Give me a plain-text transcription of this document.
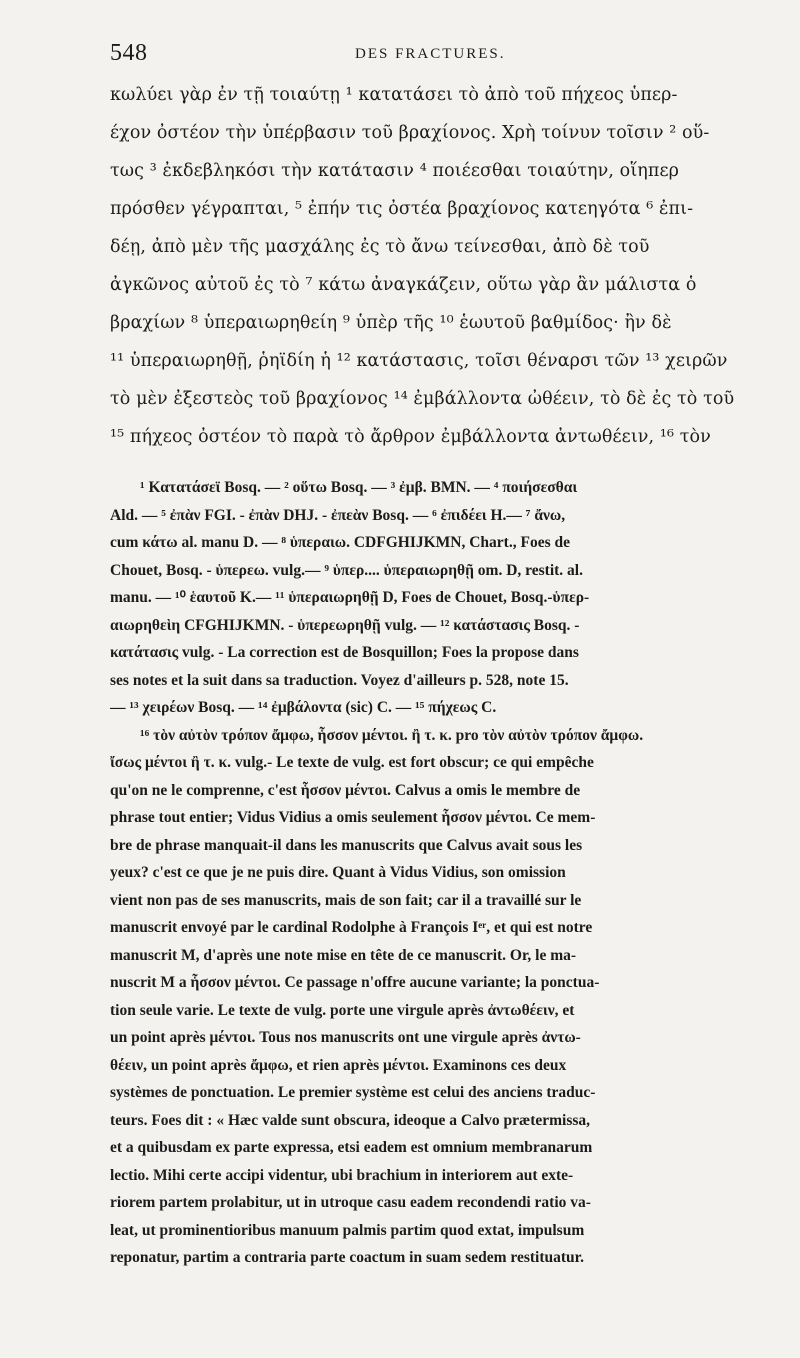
548	DES FRACTURES.
κωλύει γὰρ ἐν τῇ τοιαύτῃ ¹ κατατάσει τὸ ἀπὸ τοῦ πήχεος ὑπερ-
έχον ὀστέον τὴν ὑπέρβασιν τοῦ βραχίονος. Χρὴ τοίνυν τοῖσιν ² οὕ-
τως ³ ἐκδεβληκόσι τὴν κατάτασιν ⁴ ποιέεσθαι τοιαύτην, οἵηπερ
πρόσθεν γέγραπται, ⁵ ἐπήν τις ὀστέα βραχίονος κατεηγότα ⁶ ἐπι-
δέῃ, ἀπὸ μὲν τῆς μασχάλης ἐς τὸ ἄνω τείνεσθαι, ἀπὸ δὲ τοῦ
ἀγκῶνος αὐτοῦ ἐς τὸ ⁷ κάτω ἀναγκάζειν, οὕτω γὰρ ἂν μάλιστα ὁ
βραχίων ⁸ ὑπεραιωρηθείη ⁹ ὑπὲρ τῆς ¹⁰ ἑωυτοῦ βαθμίδος· ἢν δὲ
¹¹ ὑπεραιωρηθῇ, ῥηϊδίη ἡ ¹² κατάστασις, τοῖσι θέναρσι τῶν ¹³ χειρῶν
τὸ μὲν ἐξεστεὸς τοῦ βραχίονος ¹⁴ ἐμβάλλοντα ὠθέειν, τὸ δὲ ἐς τὸ τοῦ
¹⁵ πήχεος ὀστέον τὸ παρὰ τὸ ἄρθρον ἐμβάλλοντα ἀντωθέειν, ¹⁶ τὸν
¹ Κατατάσεϊ Bosq. — ² οὕτω Bosq. — ³ ἐμβ. BMN. — ⁴ ποιήσεσθαι
Ald. — ⁵ ἐπὰν FGI. - ἐπὰν DHJ. - ἐπεὰν Bosq. — ⁶ ἐπιδέει H.— ⁷ ἄνω,
cum κάτω al. manu D. — ⁸ ὑπεραιω. CDFGHIJKMN, Chart., Foes de
Chouet, Bosq. - ὑπερεω. vulg.— ⁹ ὑπερ.... ὑπεραιωρηθῇ om. D, restit. al.
manu. — ¹⁰ ἑαυτοῦ K.— ¹¹ ὑπεραιωρηθῇ D, Foes de Chouet, Bosq.-ὑπερ-
αιωρηθεὶη CFGHIJKMN. - ὑπερεωρηθῇ vulg. — ¹² κατάστασις Bosq. -
κατάτασις vulg. - La correction est de Bosquillon; Foes la propose dans
ses notes et la suit dans sa traduction. Voyez d'ailleurs p. 528, note 15.
— ¹³ χειρέων Bosq. — ¹⁴ ἐμβάλοντα (sic) C. — ¹⁵ πήχεως C.
¹⁶ τὸν αὐτὸν τρόπον ἄμφω, ἧσσον μέντοι. ἢ τ. κ. pro τὸν αὐτὸν τρόπον ἄμφω.
ἴσως μέντοι ἢ τ. κ. vulg.- Le texte de vulg. est fort obscur; ce qui empêche
qu'on ne le comprenne, c'est ἧσσον μέντοι. Calvus a omis le membre de
phrase tout entier; Vidus Vidius a omis seulement ἧσσον μέντοι. Ce mem-
bre de phrase manquait-il dans les manuscrits que Calvus avait sous les
yeux? c'est ce que je ne puis dire. Quant à Vidus Vidius, son omission
vient non pas de ses manuscrits, mais de son fait; car il a travaillé sur le
manuscrit envoyé par le cardinal Rodolphe à François Iᵉʳ, et qui est notre
manuscrit M, d'après une note mise en tête de ce manuscrit. Or, le ma-
nuscrit M a ἧσσον μέντοι. Ce passage n'offre aucune variante; la ponctua-
tion seule varie. Le texte de vulg. porte une virgule après ἀντωθέειν, et
un point après μέντοι. Tous nos manuscrits ont une virgule après ἀντω-
θέειν, un point après ἄμφω, et rien après μέντοι. Examinons ces deux
systèmes de ponctuation. Le premier système est celui des anciens traduc-
teurs. Foes dit : « Hæc valde sunt obscura, ideoque a Calvo prætermissa,
et a quibusdam ex parte expressa, etsi eadem est omnium membranarum
lectio. Mihi certe accipi videntur, ubi brachium in interiorem aut exte-
riorem partem prolabitur, ut in utroque casu eadem recondendi ratio va-
leat, ut prominentioribus manuum palmis partim quod extat, impulsum
reponatur, partim a contraria parte coactum in suam sedem restituatur.
